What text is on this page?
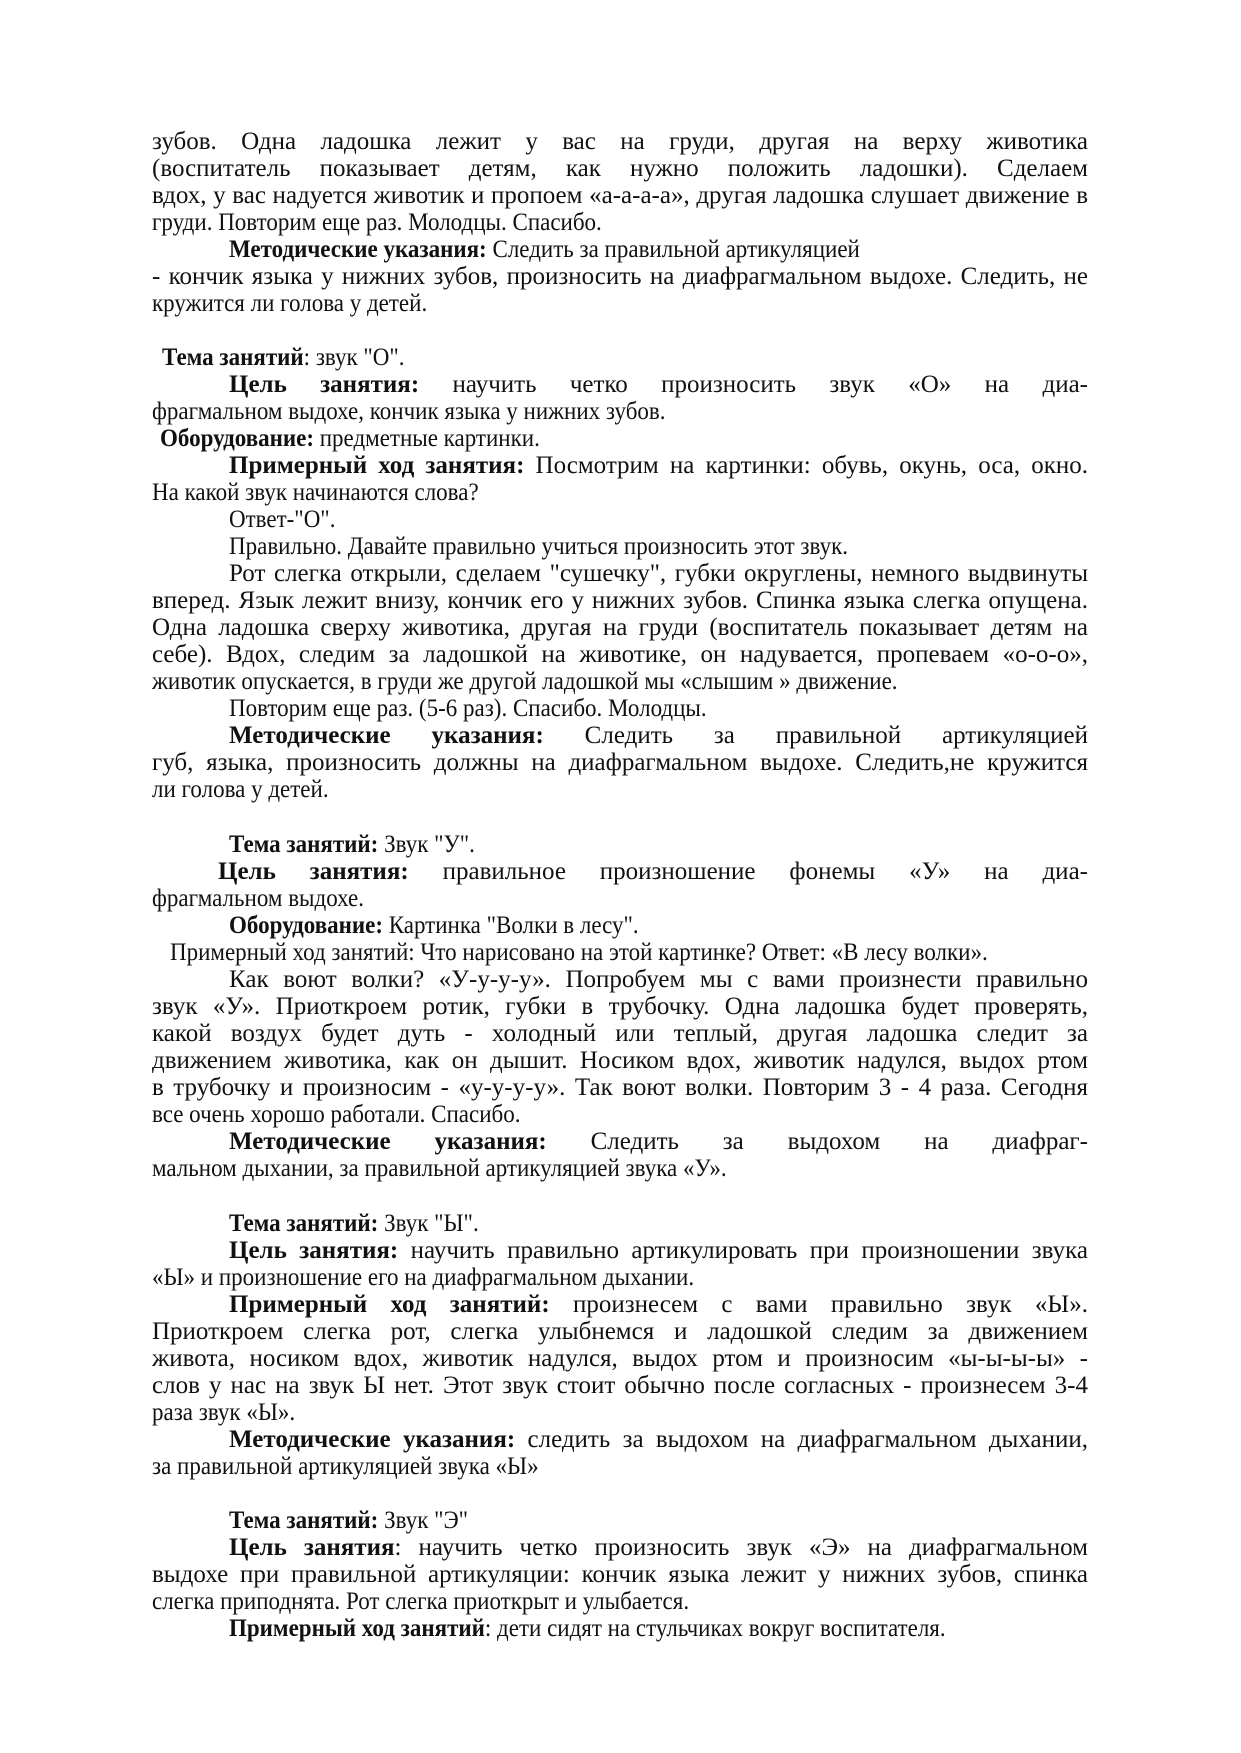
зубов. Одна ладошка лежит у вас на груди, другая на верху животика
(воспитатель показывает детям, как нужно положить ладошки). Сделаем
вдох, у вас надуется животик и пропоем «а-а-а-а», другая ладошка слушает движение в
груди. Повторим еще раз. Молодцы. Спасибо.
Методические указания: Следить за правильной артикуляцией
- кончик языка у нижних зубов, произносить на диафрагмальном выдохе. Следить, не
кружится ли голова у детей.
Тема занятий: звук "О".
Цель занятия: научить четко произносить звук «О» на диа-
фрагмальном выдохе, кончик языка у нижних зубов.
Оборудование: предметные картинки.
Примерный ход занятия: Посмотрим на картинки: обувь, окунь, оса, окно.
На какой звук начинаются слова?
Ответ-"О".
Правильно. Давайте правильно учиться произносить этот звук.
Рот слегка открыли, сделаем "сушечку", губки округлены, немного выдвинуты
вперед. Язык лежит внизу, кончик его у нижних зубов. Спинка языка слегка опущена.
Одна ладошка сверху животика, другая на груди (воспитатель показывает детям на
себе). Вдох, следим за ладошкой на животике, он надувается, пропеваем «о-о-о»,
животик опускается, в груди же другой ладошкой мы «слышим » движение.
Повторим еще раз. (5-6 раз). Спасибо. Молодцы.
Методические указания: Следить за правильной артикуляцией
губ, языка, произносить должны на диафрагмальном выдохе. Следить,не кружится
ли голова у детей.
Тема занятий: Звук "У".
Цель занятия: правильное произношение фонемы «У» на диа-
фрагмальном выдохе.
Оборудование: Картинка "Волки в лесу".
Примерный ход занятий: Что нарисовано на этой картинке? Ответ: «В лесу волки».
Как воют волки? «У-у-у-у». Попробуем мы с вами произнести правильно
звук «У». Приоткроем ротик, губки в трубочку. Одна ладошка будет проверять,
какой воздух будет дуть - холодный или теплый, другая ладошка следит за
движением животика, как он дышит. Носиком вдох, животик надулся, выдох ртом
в трубочку и произносим - «у-у-у-у». Так воют волки. Повторим 3 - 4 раза. Сегодня
все очень хорошо работали. Спасибо.
Методические указания: Следить за выдохом на диафраг-
мальном дыхании, за правильной артикуляцией звука «У».
Тема занятий: Звук "Ы".
Цель занятия: научить правильно артикулировать при произношении звука
«Ы» и произношение его на диафрагмальном дыхании.
Примерный ход занятий: произнесем с вами правильно звук «Ы».
Приоткроем слегка рот, слегка улыбнемся и ладошкой следим за движением
живота, носиком вдох, животик надулся, выдох ртом и произносим «ы-ы-ы-ы» -
слов у нас на звук Ы нет. Этот звук стоит обычно после согласных - произнесем 3-4
раза звук «Ы».
Методические указания: следить за выдохом на диафрагмальном дыхании,
за правильной артикуляцией звука «Ы»
Тема занятий: Звук "Э"
Цель занятия: научить четко произносить звук «Э» на диафрагмальном
выдохе при правильной артикуляции: кончик языка лежит у нижних зубов, спинка
слегка приподнята. Рот слегка приоткрыт и улыбается.
Примерный ход занятий: дети сидят на стульчиках вокруг воспитателя.
